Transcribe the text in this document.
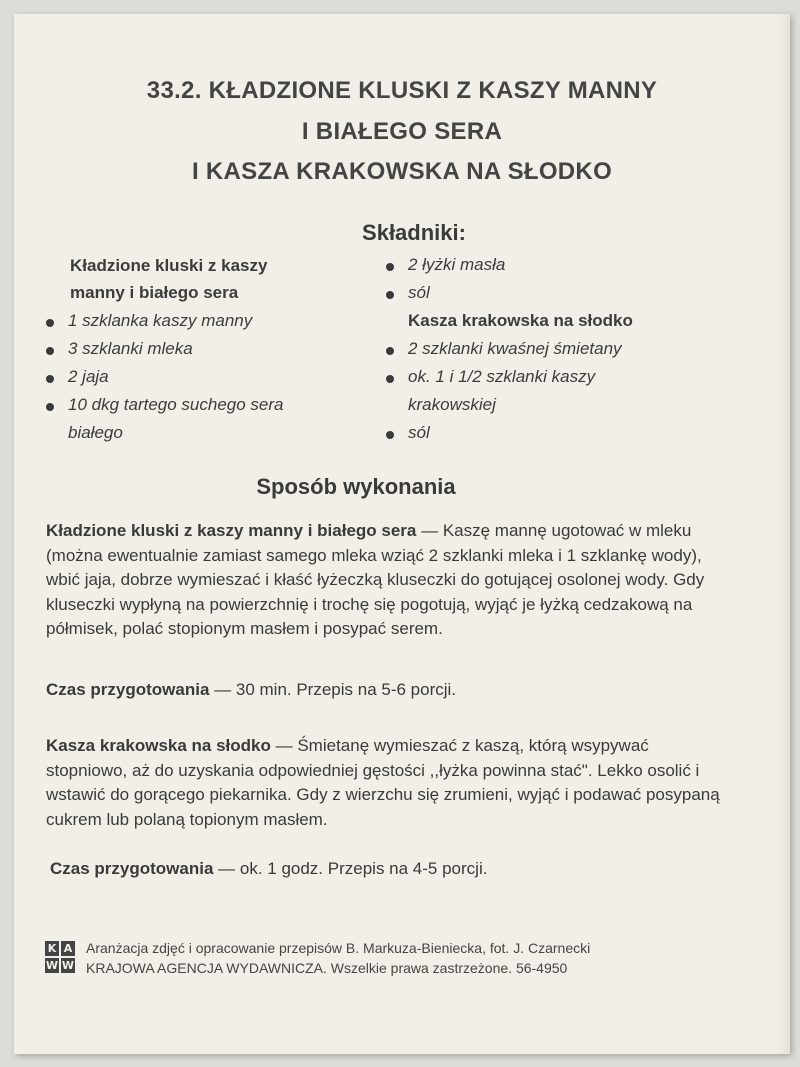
33.2. KŁADZIONE KLUSKI Z KASZY MANNY
I BIAŁEGO SERA
I KASZA KRAKOWSKA NA SŁODKO
Składniki:
Kładzione kluski z kaszy
manny i białego sera
1 szklanka kaszy manny
3 szklanki mleka
2 jaja
10 dkg tartego suchego sera
białego
2 łyżki masła
sól
Kasza krakowska na słodko
2 szklanki kwaśnej śmietany
ok. 1 i 1/2 szklanki kaszy
krakowskiej
sól
Sposób wykonania
Kładzione kluski z kaszy manny i białego sera — Kaszę mannę ugotować w mleku (można ewentualnie zamiast samego mleka wziąć 2 szklanki mleka i 1 szklankę wody), wbić jaja, dobrze wymieszać i kłaść łyżeczką kluseczki do gotującej osolonej wody. Gdy kluseczki wypłyną na powierzchnię i trochę się pogotują, wyjąć je łyżką cedzakową na półmisek, polać stopionym masłem i posypać serem.
Czas przygotowania — 30 min. Przepis na 5-6 porcji.
Kasza krakowska na słodko — Śmietanę wymieszać z kaszą, którą wsypywać stopniowo, aż do uzyskania odpowiedniej gęstości ,,łyżka powinna stać". Lekko osolić i wstawić do gorącego piekarnika. Gdy z wierzchu się zrumieni, wyjąć i podawać posypaną cukrem lub polaną topionym masłem.
Czas przygotowania — ok. 1 godz. Przepis na 4-5 porcji.
K A
W W
Aranżacja zdjęć i opracowanie przepisów B. Markuza-Bieniecka, fot. J. Czarnecki
KRAJOWA AGENCJA WYDAWNICZA. Wszelkie prawa zastrzeżone. 56-4950
